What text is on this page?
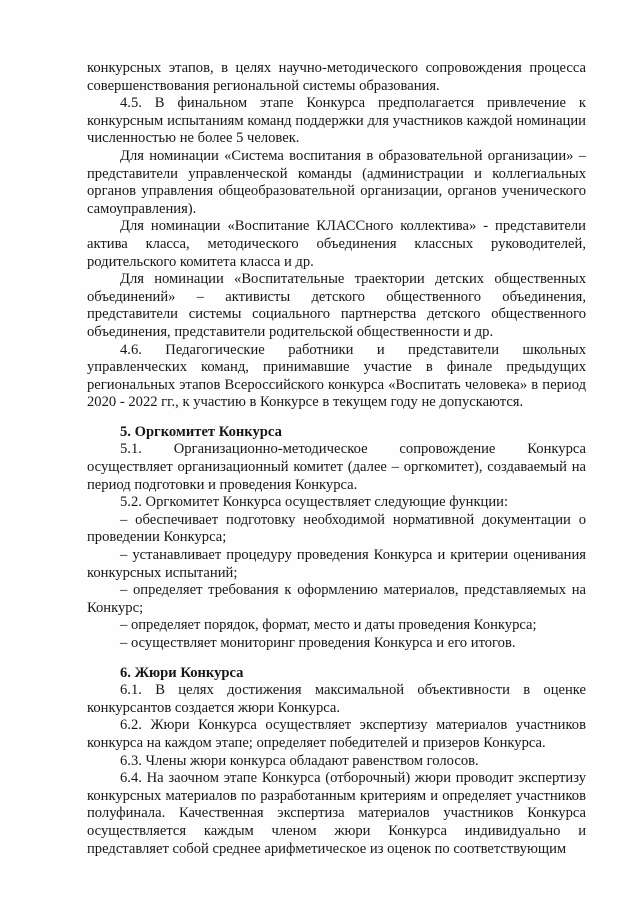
конкурсных этапов, в целях научно-методического сопровождения процесса совершенствования региональной системы образования.

4.5. В финальном этапе Конкурса предполагается привлечение к конкурсным испытаниям команд поддержки для участников каждой номинации численностью не более 5 человек.

Для номинации «Система воспитания в образовательной организации» – представители управленческой команды (администрации и коллегиальных органов управления общеобразовательной организации, органов ученического самоуправления).

Для номинации «Воспитание КЛАССного коллектива» - представители актива класса, методического объединения классных руководителей, родительского комитета класса и др.

Для номинации «Воспитательные траектории детских общественных объединений» – активисты детского общественного объединения, представители системы социального партнерства детского общественного объединения, представители родительской общественности и др.

4.6. Педагогические работники и представители школьных управленческих команд, принимавшие участие в финале предыдущих региональных этапов Всероссийского конкурса «Воспитать человека» в период 2020 - 2022 гг., к участию в Конкурсе в текущем году не допускаются.

5. Оргкомитет Конкурса

5.1. Организационно-методическое сопровождение Конкурса осуществляет организационный комитет (далее – оргкомитет), создаваемый на период подготовки и проведения Конкурса.

5.2. Оргкомитет Конкурса осуществляет следующие функции:

– обеспечивает подготовку необходимой нормативной документации о проведении Конкурса;

– устанавливает процедуру проведения Конкурса и критерии оценивания конкурсных испытаний;

– определяет требования к оформлению материалов, представляемых на Конкурс;

– определяет порядок, формат, место и даты проведения Конкурса;

– осуществляет мониторинг проведения Конкурса и его итогов.

6. Жюри Конкурса

6.1. В целях достижения максимальной объективности в оценке конкурсантов создается жюри Конкурса.

6.2. Жюри Конкурса осуществляет экспертизу материалов участников конкурса на каждом этапе; определяет победителей и призеров Конкурса.

6.3. Члены жюри конкурса обладают равенством голосов.

6.4. На заочном этапе Конкурса (отборочный) жюри проводит экспертизу конкурсных материалов по разработанным критериям и определяет участников полуфинала. Качественная экспертиза материалов участников Конкурса осуществляется каждым членом жюри Конкурса индивидуально и представляет собой среднее арифметическое из оценок по соответствующим
